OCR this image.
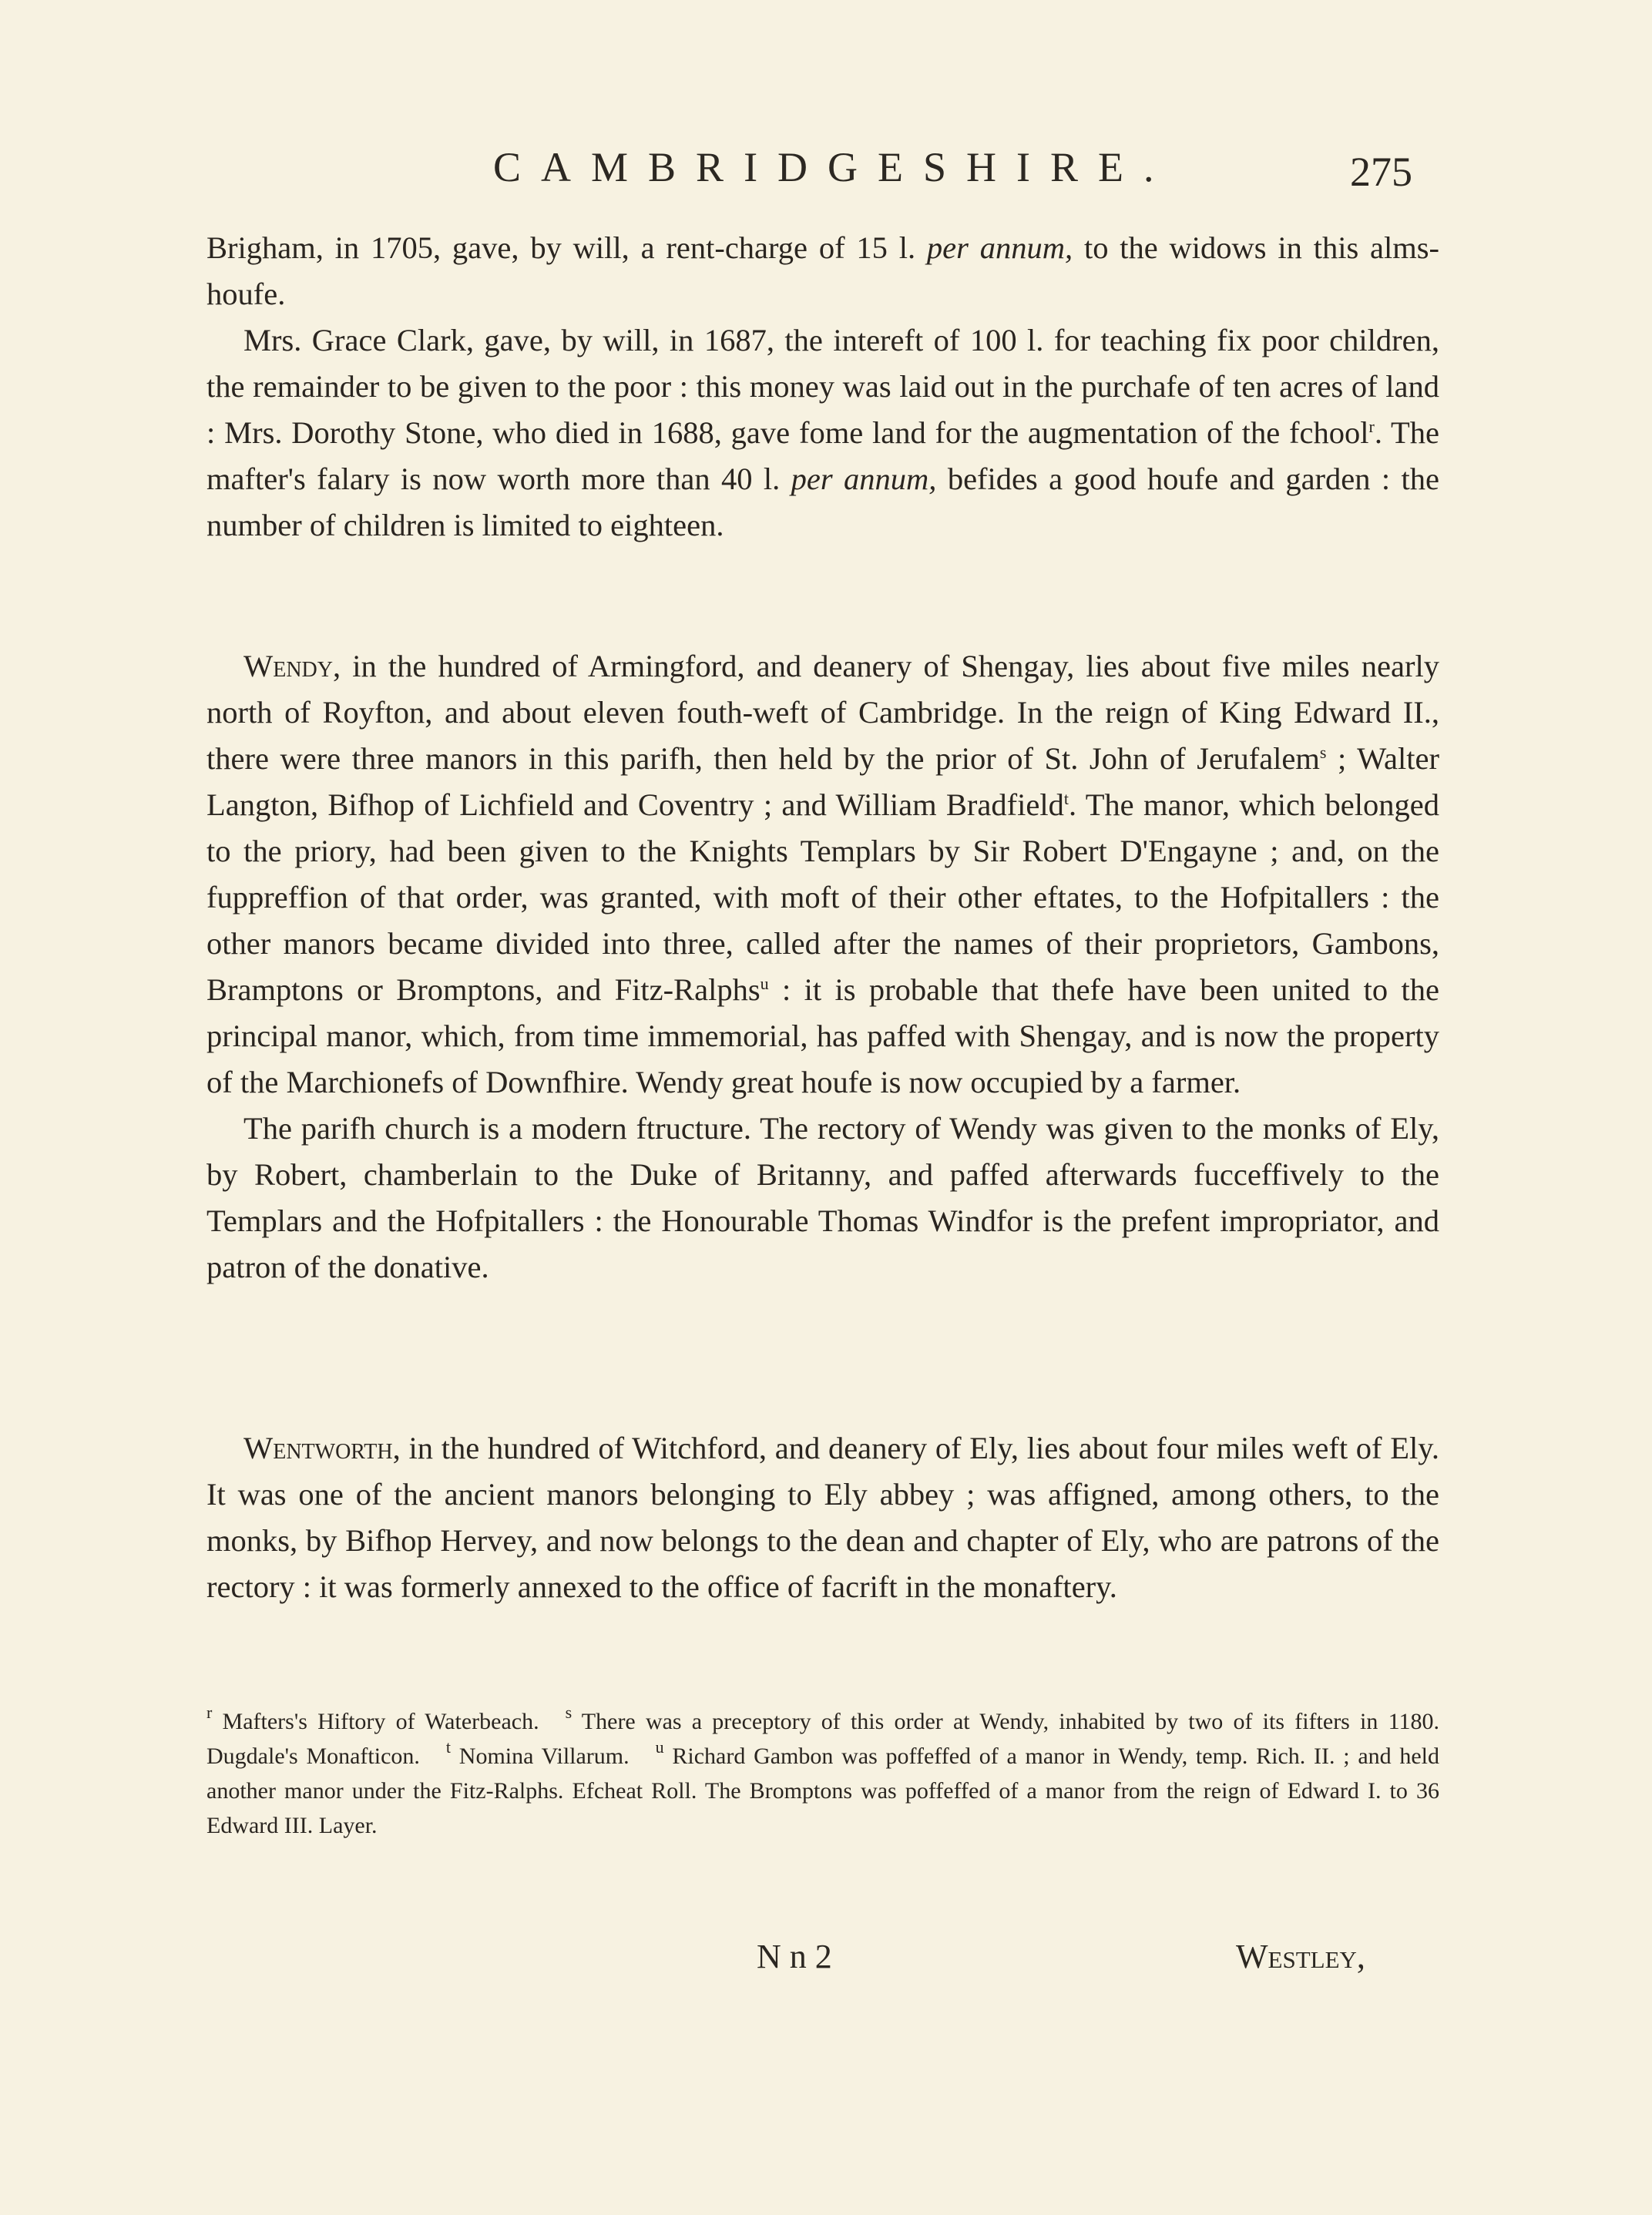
CAMBRIDGESHIRE.	275

Brigham, in 1705, gave, by will, a rent-charge of 15 l. per annum, to the widows in this alms-houfe.

Mrs. Grace Clark, gave, by will, in 1687, the intereft of 100 l. for teaching fix poor children, the remainder to be given to the poor : this money was laid out in the purchafe of ten acres of land : Mrs. Dorothy Stone, who died in 1688, gave fome land for the augmentation of the fchool$^r$. The mafter's falary is now worth more than 40 l. per annum, befides a good houfe and garden : the number of children is limited to eighteen.

Wendy, in the hundred of Armingford, and deanery of Shengay, lies about five miles nearly north of Royfton, and about eleven fouth-weft of Cambridge. In the reign of King Edward II., there were three manors in this parifh, then held by the prior of St. John of Jerufalem$^s$ ; Walter Langton, Bifhop of Lichfield and Coventry ; and William Bradfield$^t$. The manor, which belonged to the priory, had been given to the Knights Templars by Sir Robert D'Engayne ; and, on the fuppreffion of that order, was granted, with moft of their other eftates, to the Hofpitallers : the other manors became divided into three, called after the names of their proprietors, Gambons, Bramptons or Bromptons, and Fitz-Ralphs$^u$ : it is probable that thefe have been united to the principal manor, which, from time immemorial, has paffed with Shengay, and is now the property of the Marchionefs of Downfhire. Wendy great houfe is now occupied by a farmer.

The parifh church is a modern ftructure. The rectory of Wendy was given to the monks of Ely, by Robert, chamberlain to the Duke of Britanny, and paffed afterwards fucceffively to the Templars and the Hofpitallers : the Honourable Thomas Windfor is the prefent impropriator, and patron of the donative.

Wentworth, in the hundred of Witchford, and deanery of Ely, lies about four miles weft of Ely. It was one of the ancient manors belonging to Ely abbey ; was affigned, among others, to the monks, by Bifhop Hervey, and now belongs to the dean and chapter of Ely, who are patrons of the rectory : it was formerly annexed to the office of facrift in the monaftery.

$^r$ Mafters's Hiftory of Waterbeach. $^s$ There was a preceptory of this order at Wendy, inhabited by two of its fifters in 1180. Dugdale's Monafticon. $^t$ Nomina Villarum. $^u$ Richard Gambon was poffeffed of a manor in Wendy, temp. Rich. II. ; and held another manor under the Fitz-Ralphs. Efcheat Roll. The Bromptons was poffeffed of a manor from the reign of Edward I. to 36 Edward III. Layer.
N n 2	Westley,
